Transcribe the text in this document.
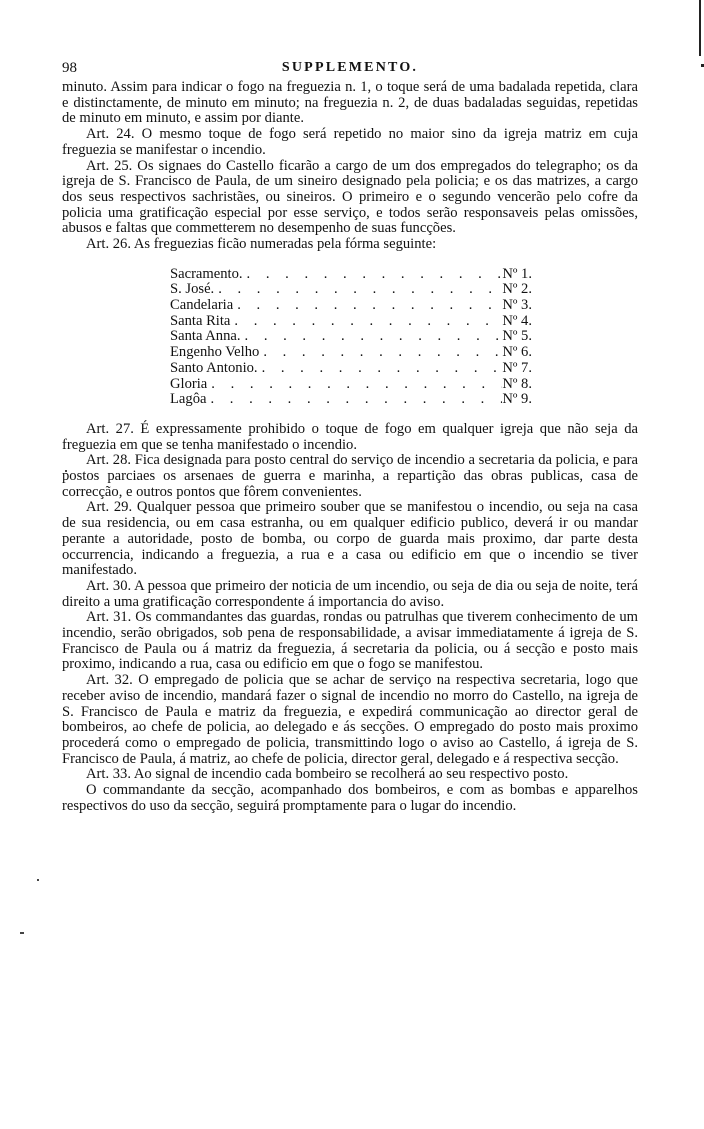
98	SUPPLEMENTO.

minuto. Assim para indicar o fogo na freguezia n. 1, o toque será de uma badalada repetida, clara e distinctamente, de minuto em minuto; na freguezia n. 2, de duas badaladas seguidas, repetidas de minuto em minuto, e assim por diante.

Art. 24. O mesmo toque de fogo será repetido no maior sino da igreja matriz em cuja freguezia se manifestar o incendio.

Art. 25. Os signaes do Castello ficarão a cargo de um dos empregados do telegrapho; os da igreja de S. Francisco de Paula, de um sineiro designado pela policia; e os das matrizes, a cargo dos seus respectivos sachristães, ou sineiros. O primeiro e o segundo vencerão pelo cofre da policia uma gratificação especial por esse serviço, e todos serão responsaveis pelas omissões, abusos e faltas que commetterem no desempenho de suas funcções.

Art. 26. As freguezias ficão numeradas pela fórma seguinte:

Sacramento. . . .	Nº 1.
S. José. . . .	Nº 2.
Candelaria . . .	Nº 3.
Santa Rita . . .	Nº 4.
Santa Anna. . . .	Nº 5.
Engenho Velho . . .	Nº 6.
Santo Antonio. . . .	Nº 7.
Gloria . . .	Nº 8.
Lagôa . . .	Nº 9.

Art. 27. É expressamente prohibido o toque de fogo em qualquer igreja que não seja da freguezia em que se tenha manifestado o incendio.

Art. 28. Fica designada para posto central do serviço de incendio a secretaria da policia, e para postos parciaes os arsenaes de guerra e marinha, a repartição das obras publicas, casa de correcção, e outros pontos que fôrem convenientes.

Art. 29. Qualquer pessoa que primeiro souber que se manifestou o incendio, ou seja na casa de sua residencia, ou em casa estranha, ou em qualquer edificio publico, deverá ir ou mandar perante a autoridade, posto de bomba, ou corpo de guarda mais proximo, dar parte desta occurrencia, indicando a freguezia, a rua e a casa ou edificio em que o incendio se tiver manifestado.

Art. 30. A pessoa que primeiro der noticia de um incendio, ou seja de dia ou seja de noite, terá direito a uma gratificação correspondente á importancia do aviso.

Art. 31. Os commandantes das guardas, rondas ou patrulhas que tiverem conhecimento de um incendio, serão obrigados, sob pena de responsabilidade, a avisar immediatamente á igreja de S. Francisco de Paula ou á matriz da freguezia, á secretaria da policia, ou á secção e posto mais proximo, indicando a rua, casa ou edificio em que o fogo se manifestou.

Art. 32. O empregado de policia que se achar de serviço na respectiva secretaria, logo que receber aviso de incendio, mandará fazer o signal de incendio no morro do Castello, na igreja de S. Francisco de Paula e matriz da freguezia, e expedirá communicação ao director geral de bombeiros, ao chefe de policia, ao delegado e ás secções. O empregado do posto mais proximo procederá como o empregado de policia, transmittindo logo o aviso ao Castello, á igreja de S. Francisco de Paula, á matriz, ao chefe de policia, director geral, delegado e á respectiva secção.

Art. 33. Ao signal de incendio cada bombeiro se recolherá ao seu respectivo posto.

O commandante da secção, acompanhado dos bombeiros, e com as bombas e apparelhos respectivos do uso da secção, seguirá promptamente para o lugar do incendio.
